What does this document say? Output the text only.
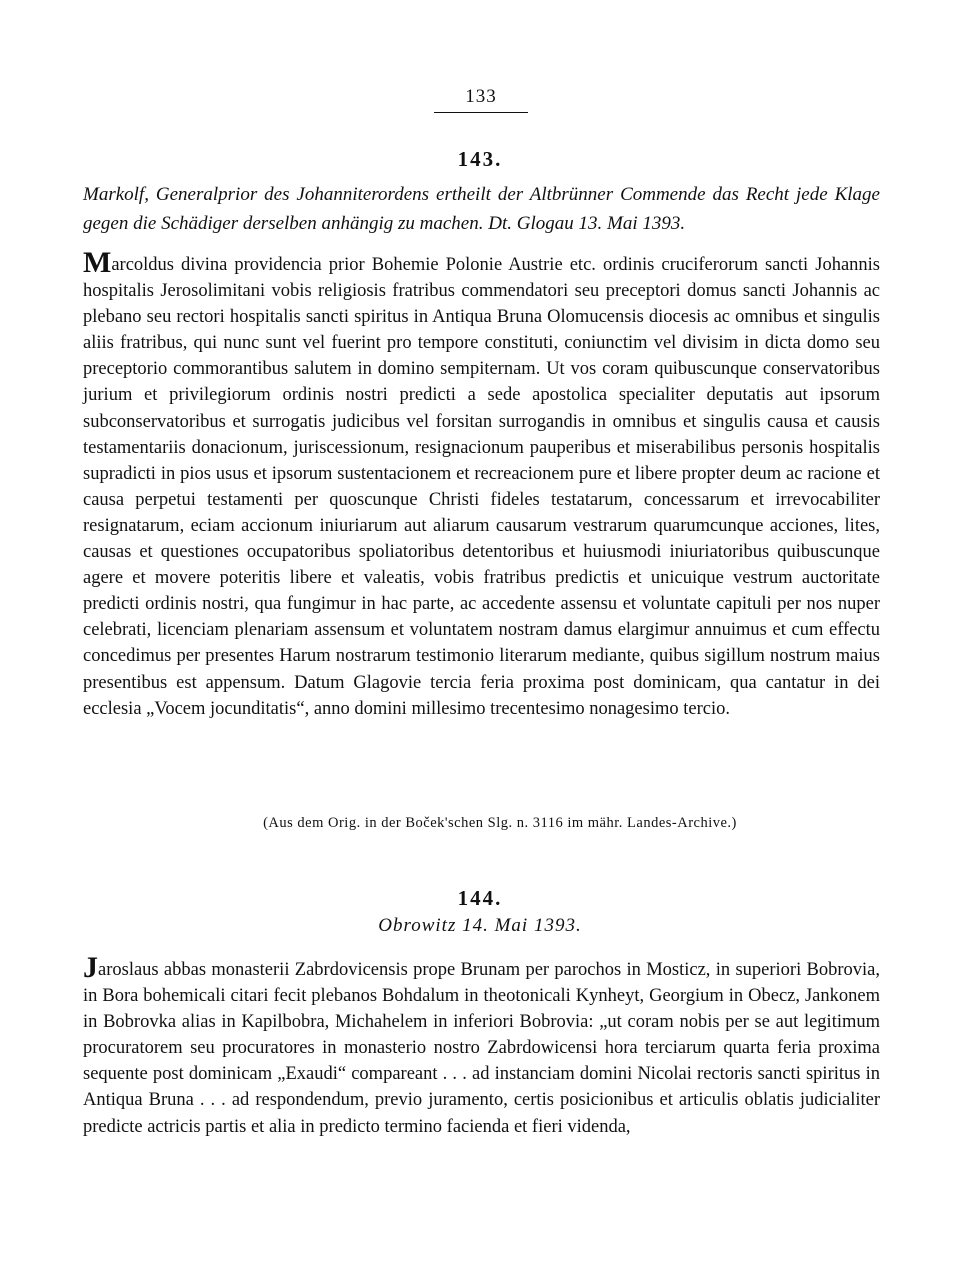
133
143.
Markolf, Generalprior des Johanniterordens ertheilt der Altbrünner Commende das Recht jede Klage gegen die Schädiger derselben anhängig zu machen. Dt. Glogau 13. Mai 1393.

Marcoldus divina providencia prior Bohemie Polonie Austrie etc. ordinis cruciferorum sancti Johannis hospitalis Jerosolimitani vobis religiosis fratribus commendatori seu preceptori domus sancti Johannis ac plebano seu rectori hospitalis sancti spiritus in Antiqua Bruna Olomucensis diocesis ac omnibus et singulis aliis fratribus, qui nunc sunt vel fuerint pro tempore constituti, coniunctim vel divisim in dicta domo seu preceptorio commorantibus salutem in domino sempiternam. Ut vos coram quibuscunque conservatoribus jurium et privilegiorum ordinis nostri predicti a sede apostolica specialiter deputatis aut ipsorum subconservatoribus et surrogatis judicibus vel forsitan surrogandis in omnibus et singulis causa et causis testamentariis donacionum, juriscessionum, resignacionum pauperibus et miserabilibus personis hospitalis supradicti in pios usus et ipsorum sustentacionem et recreacionem pure et libere propter deum ac racione et causa perpetui testamenti per quoscunque Christi fideles testatarum, concessarum et irrevocabiliter resignatarum, eciam accionum iniuriarum aut aliarum causarum vestrarum quarumcunque acciones, lites, causas et questiones occupatoribus spoliatoribus detentoribus et huiusmodi iniuriatoribus quibuscunque agere et movere poteritis libere et valeatis, vobis fratribus predictis et unicuique vestrum auctoritate predicti ordinis nostri, qua fungimur in hac parte, ac accedente assensu et voluntate capituli per nos nuper celebrati, licenciam plenariam assensum et voluntatem nostram damus elargimur annuimus et cum effectu concedimus per presentes Harum nostrarum testimonio literarum mediante, quibus sigillum nostrum maius presentibus est appensum. Datum Glagovie tercia feria proxima post dominicam, qua cantatur in dei ecclesia „Vocem jocunditatis“, anno domini millesimo trecentesimo nonagesimo tercio.

(Aus dem Orig. in der Boček'schen Slg. n. 3116 im mähr. Landes-Archive.)
144.
Obrowitz 14. Mai 1393.

Jaroslaus abbas monasterii Zabrdovicensis prope Brunam per parochos in Mosticz, in superiori Bobrovia, in Bora bohemicali citari fecit plebanos Bohdalum in theotonicali Kynheyt, Georgium in Obecz, Jankonem in Bobrovka alias in Kapilbobra, Michahelem in inferiori Bobrovia: „ut coram nobis per se aut legitimum procuratorem seu procuratores in monasterio nostro Zabrdowicensi hora terciarum quarta feria proxima sequente post dominicam „Exaudi“ compareant . . . ad instanciam domini Nicolai rectoris sancti spiritus in Antiqua Bruna . . . ad respondendum, previo juramento, certis posicionibus et articulis oblatis judicialiter predicte actricis partis et alia in predicto termino facienda et fieri videnda,
